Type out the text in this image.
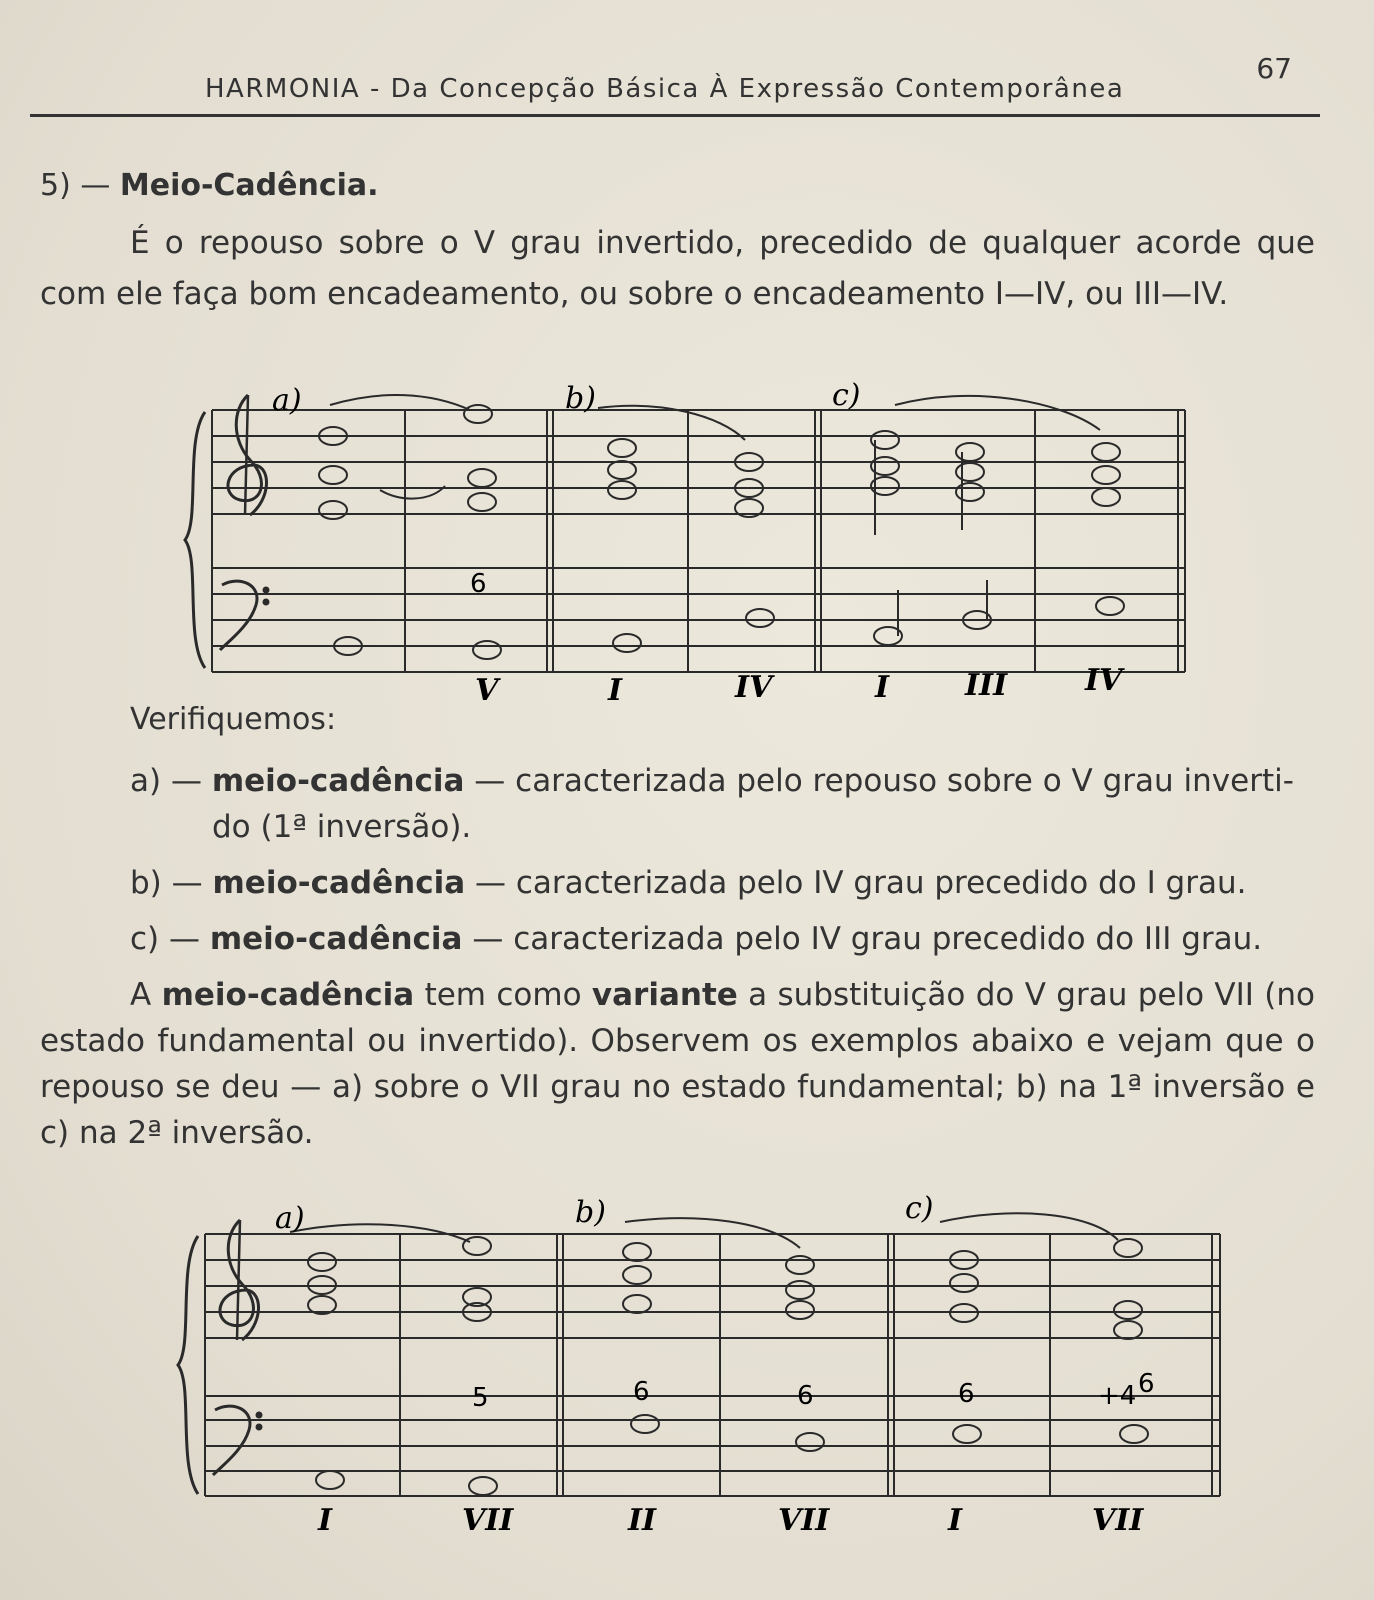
HARMONIA - Da Concepção Básica À Expressão Contemporânea
67
5) — Meio-Cadência.
É o repouso sobre o V grau invertido, precedido de qualquer acorde que com ele faça bom encadeamento, ou sobre o encadeamento I—IV, ou III—IV.
a)	b)	c)
6
V	I	IV	I	III	IV
Verifiquemos:
a) — meio-cadência — caracterizada pelo repouso sobre o V grau inverti-
do (1ª inversão).
b) — meio-cadência — caracterizada pelo IV grau precedido do I grau.
c) — meio-cadência — caracterizada pelo IV grau precedido do III grau.
A meio-cadência tem como variante a substituição do V grau pelo VII (no estado fundamental ou invertido). Observem os exemplos abaixo e vejam que o repouso se deu — a) sobre o VII grau no estado fundamental; b) na 1ª inversão e c) na 2ª inversão.
a)	b)	c)
5	6	6	6	+4 6
I	VII	II	VII	I	VII
